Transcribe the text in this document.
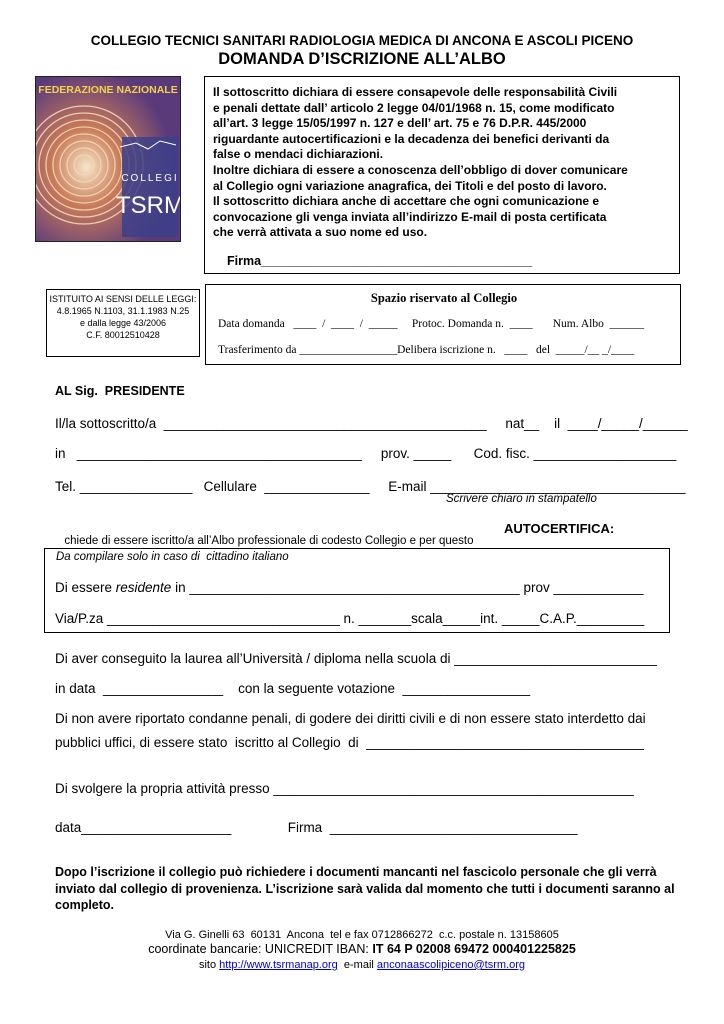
COLLEGIO TECNICI SANITARI RADIOLOGIA MEDICA DI ANCONA E ASCOLI PICENO
DOMANDA D’ISCRIZIONE ALL’ALBO
FEDERAZIONE NAZIONALE
COLLEGI
TSRM
Il sottoscritto dichiara di essere consapevole delle responsabilità Civili
e penali dettate dall’ articolo 2 legge 04/01/1968 n. 15, come modificato
all’art. 3 legge 15/05/1997 n. 127 e dell’ art. 75 e 76 D.P.R. 445/2000
riguardante autocertificazioni e la decadenza dei benefici derivanti da
false o mendaci dichiarazioni.
Inoltre dichiara di essere a conoscenza dell’obbligo di dover comunicare
al Collegio ogni variazione anagrafica, dei Titoli e del posto di lavoro.
Il sottoscritto dichiara anche di accettare che ogni comunicazione e
convocazione gli venga inviata all’indirizzo E-mail di posta certificata
che verrà attivata a suo nome ed uso.
Firma_______________________________________
ISTITUITO AI SENSI DELLE LEGGI:
4.8.1965 N.1103, 31.1.1983 N.25
e dalla legge 43/2006
C.F. 80012510428
Spazio riservato al Collegio
Data domanda   ____  /  ____  /  _____     Protoc. Domanda n.  ____       Num. Albo  ______
Trasferimento da _________________Delibera iscrizione n.   ____   del  _____/__ _/____
AL Sig.  PRESIDENTE
Il/la sottoscritto/a  ___________________________________________     nat__    il  ____/_____/______
in   ______________________________________     prov. _____      Cod. fisc. ___________________
Tel. _______________   Cellulare  ______________     E-mail __________________________________
Scrivere chiaro in stampatello

chiede di essere iscritto/a all’Albo professionale di codesto Collegio e per questo

AUTOCERTIFICA:
Da compilare solo in caso di  cittadino italiano
Di essere residente in ____________________________________________ prov ____________
Via/P.za _______________________________ n. _______scala_____int. _____C.A.P._________
Di aver conseguito la laurea all’Università / diploma nella scuola di ___________________________
in data  ________________    con la seguente votazione  _________________
Di non avere riportato condanne penali, di godere dei diritti civili e di non essere stato interdetto dai
pubblici uffici, di essere stato  iscritto al Collegio  di  _____________________________________
Di svolgere la propria attività presso ________________________________________________
data____________________               Firma  _________________________________
Dopo l’iscrizione il collegio può richiedere i documenti mancanti nel fascicolo personale che gli verrà inviato dal collegio di provenienza. L’iscrizione sarà valida dal momento che tutti i documenti saranno al completo.
Via G. Ginelli 63  60131  Ancona  tel e fax 0712866272  c.c. postale n. 13158605
coordinate bancarie: UNICREDIT IBAN: IT 64 P 02008 69472 000401225825
sito http://www.tsrmanap.org  e-mail anconaascolipiceno@tsrm.org
